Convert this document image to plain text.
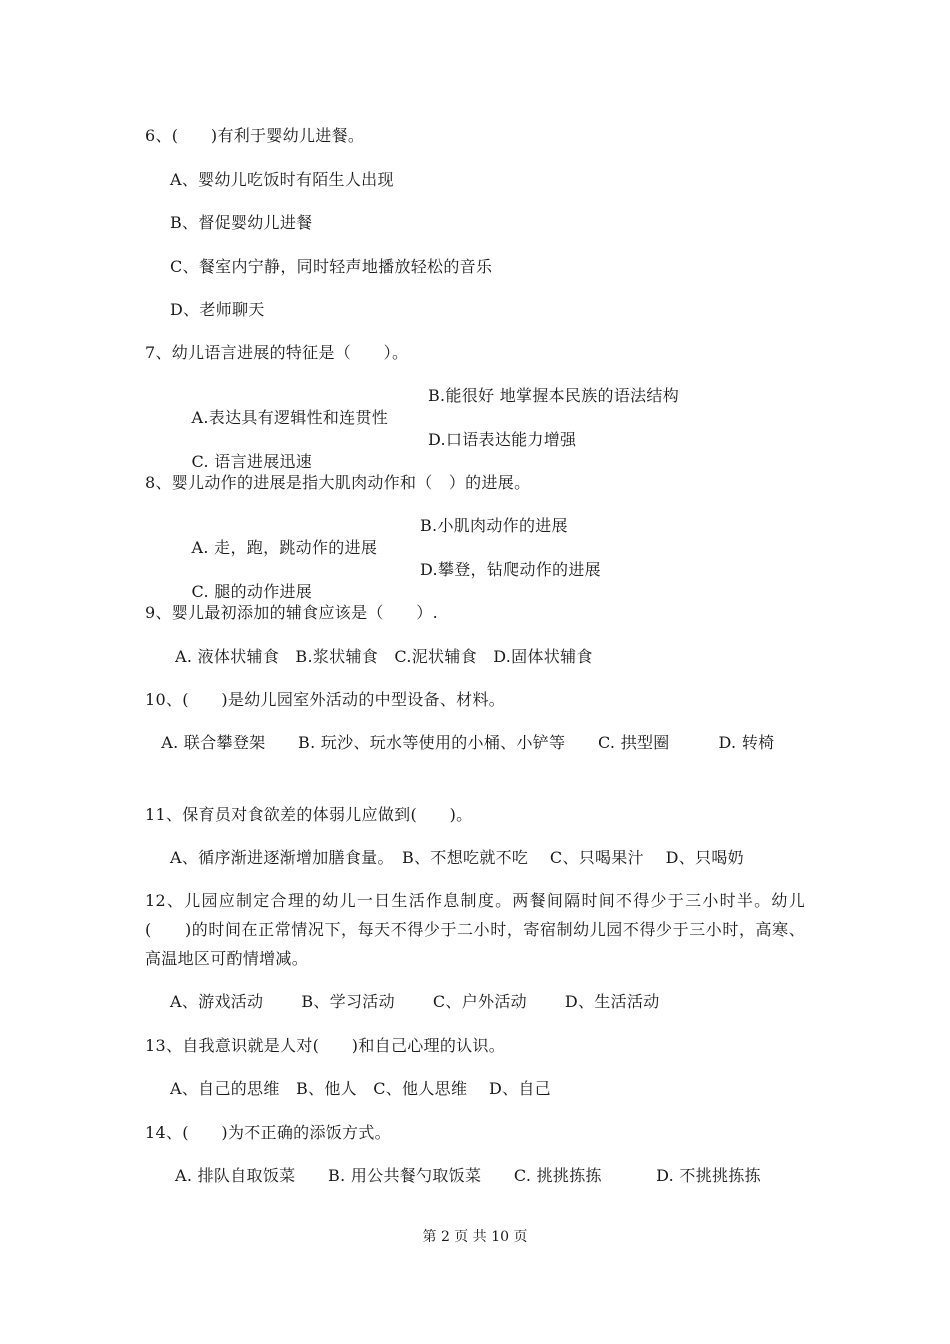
6、(　　)有利于婴幼儿进餐。

A、婴幼儿吃饭时有陌生人出现

B、督促婴幼儿进餐

C、餐室内宁静，同时轻声地播放轻松的音乐

D、老师聊天

7、幼儿语言进展的特征是（　　）。

A.表达具有逻辑性和连贯性

B.能很好 地掌握本民族的语法结构

C. 语言进展迅速

D.口语表达能力增强

8、婴儿动作的进展是指大肌肉动作和（　）的进展。

A. 走，跑，跳动作的进展

B.小肌肉动作的进展

C. 腿的动作进展

D.攀登，钻爬动作的进展

9、婴儿最初添加的辅食应该是（　　）.

A. 液体状辅食　B.浆状辅食　C.泥状辅食　D.固体状辅食

10、(　　)是幼儿园室外活动的中型设备、材料。

　A. 联合攀登架　　B. 玩沙、玩水等使用的小桶、小铲等　　C. 拱型圈　　　D. 转椅

11、保育员对食欲差的体弱儿应做到(　　)。

A、循序渐进逐渐增加膳食量。　B、不想吃就不吃　 C、只喝果汁　 D、只喝奶

12、儿园应制定合理的幼儿一日生活作息制度。两餐间隔时间不得少于三小时半。幼儿(　　)的时间在正常情况下，每天不得少于二小时，寄宿制幼儿园不得少于三小时，高寒、高温地区可酌情增减。

A、游戏活动　　 B、学习活动　　 C、户外活动　　 D、生活活动

13、自我意识就是人对(　　)和自己心理的认识。

A、自己的思维　B、他人　C、他人思维　 D、自己

14、(　　)为不正确的添饭方式。

A. 排队自取饭菜　　B. 用公共餐勺取饭菜　　C. 挑挑拣拣　　　 D. 不挑挑拣拣

第 2 页 共 10 页
